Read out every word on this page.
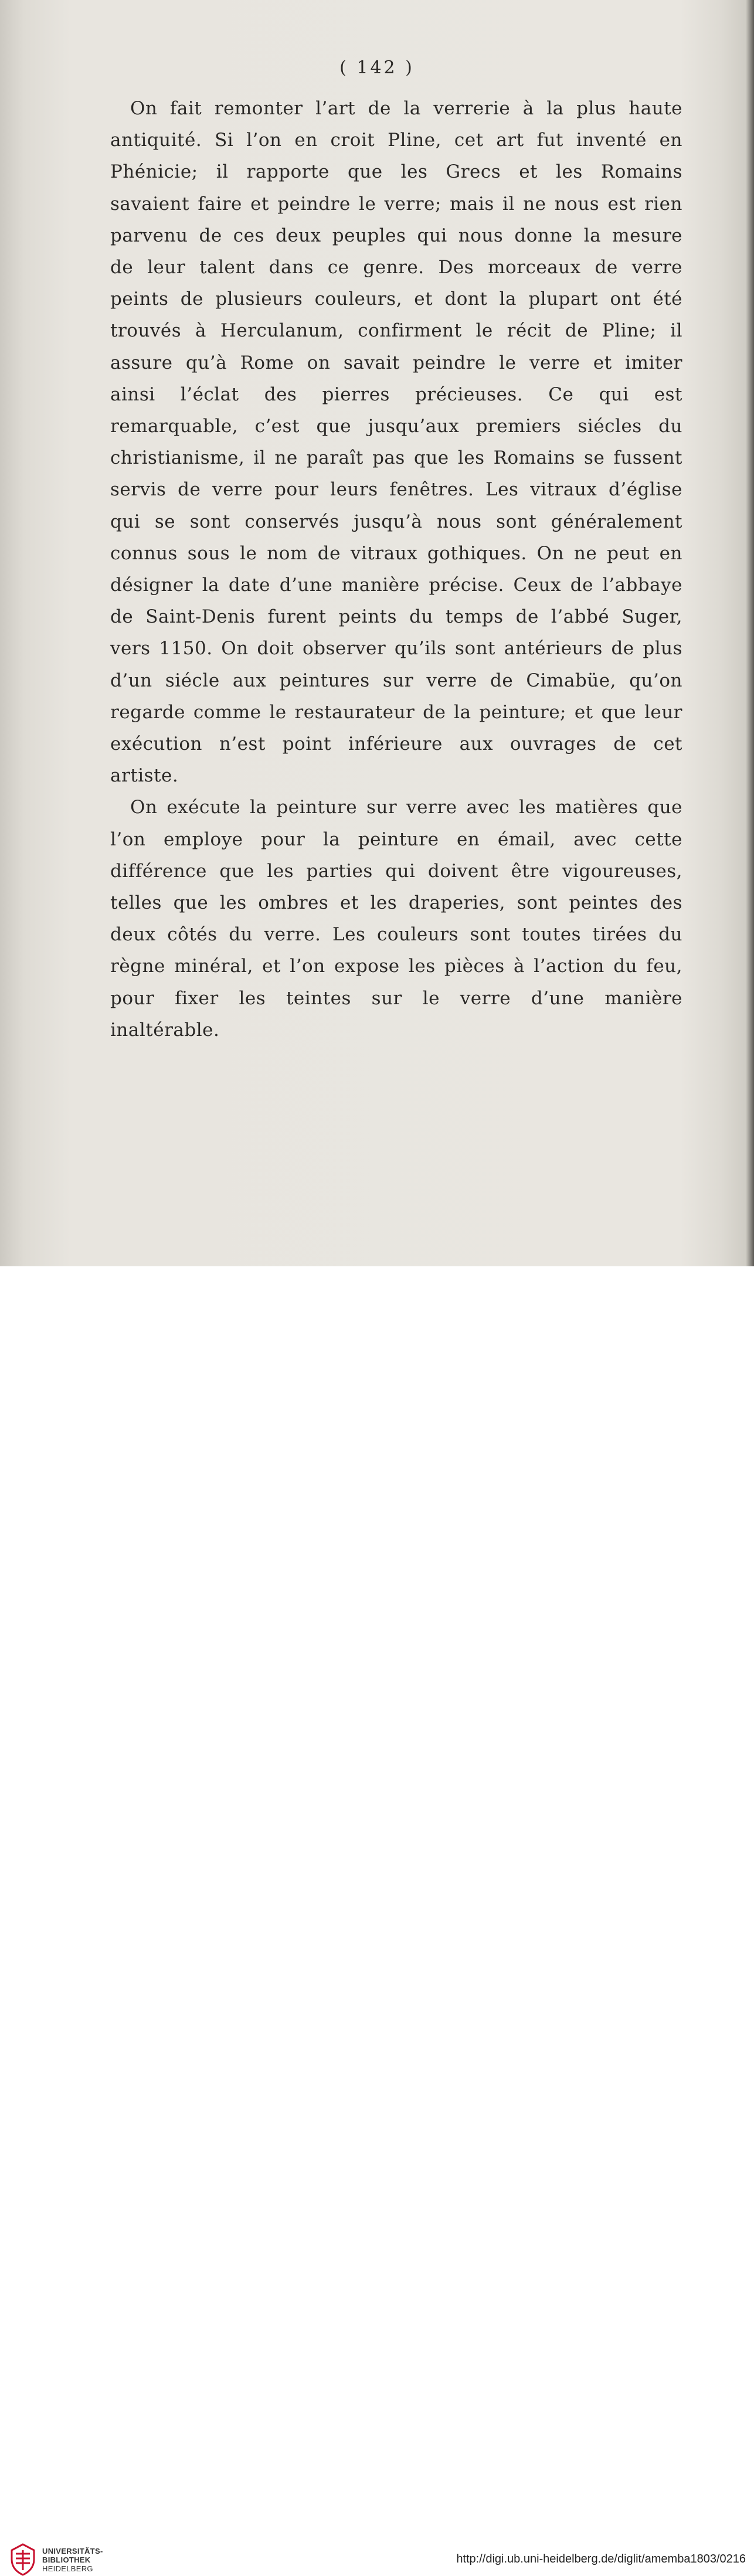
( 142 )

On fait remonter l’art de la verrerie à la plus haute antiquité. Si l’on en croit Pline, cet art fut inventé en Phénicie; il rapporte que les Grecs et les Romains savaient faire et peindre le verre; mais il ne nous est rien parvenu de ces deux peuples qui nous donne la mesure de leur talent dans ce genre. Des morceaux de verre peints de plusieurs couleurs, et dont la plupart ont été trouvés à Herculanum, confirment le récit de Pline; il assure qu’à Rome on savait peindre le verre et imiter ainsi l’éclat des pierres précieuses. Ce qui est remarquable, c’est que jusqu’aux premiers siécles du christianisme, il ne paraît pas que les Romains se fussent servis de verre pour leurs fenêtres. Les vitraux d’église qui se sont conservés jusqu’à nous sont généralement connus sous le nom de vitraux gothiques. On ne peut en désigner la date d’une manière précise. Ceux de l’abbaye de Saint-Denis furent peints du temps de l’abbé Suger, vers 1150. On doit observer qu’ils sont antérieurs de plus d’un siécle aux peintures sur verre de Cimabüe, qu’on regarde comme le restaurateur de la peinture; et que leur exécution n’est point inférieure aux ouvrages de cet artiste.

On exécute la peinture sur verre avec les matières que l’on employe pour la peinture en émail, avec cette différence que les parties qui doivent être vigoureuses, telles que les ombres et les draperies, sont peintes des deux côtés du verre. Les couleurs sont toutes tirées du règne minéral, et l’on expose les pièces à l’action du feu, pour fixer les teintes sur le verre d’une manière inaltérable.

UNIVERSITÄTS-
BIBLIOTHEK
HEIDELBERG
http://digi.ub.uni-heidelberg.de/diglit/amemba1803/0216
